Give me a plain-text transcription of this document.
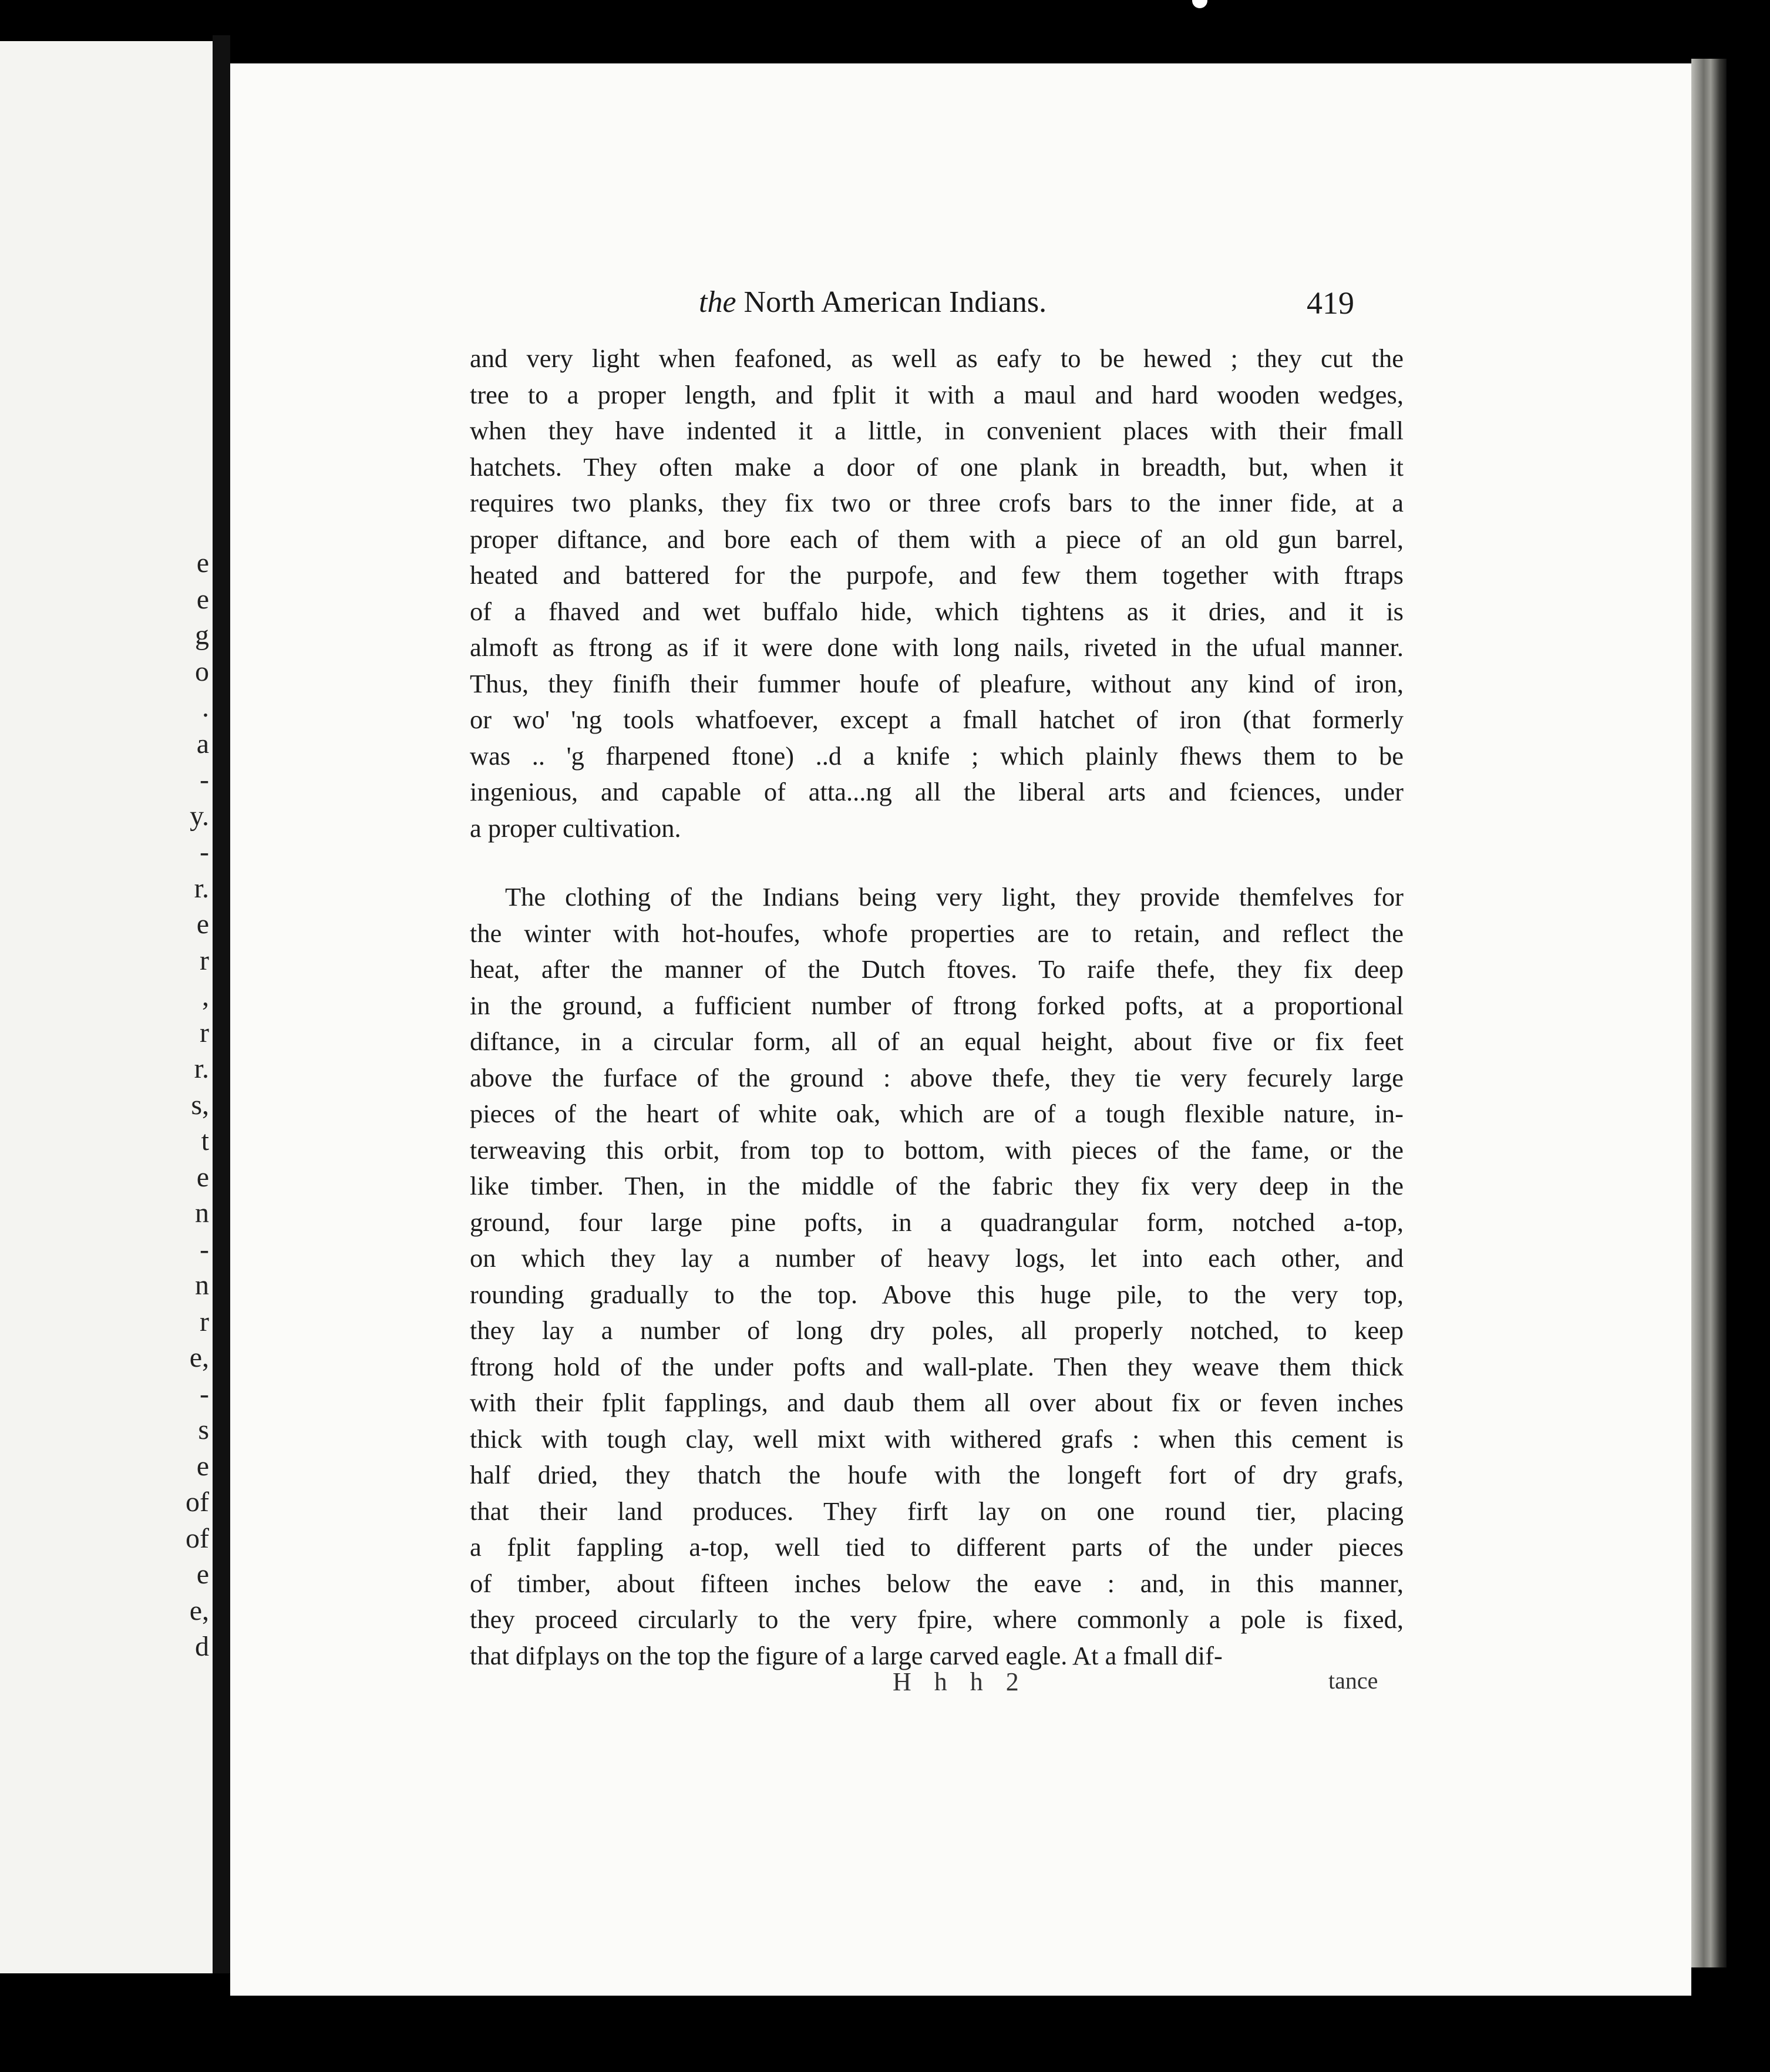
e
e
g
o
.
a
-
y.
-
r.
e
r
,
r
r.
s,
t
e
n
-
n
r
e,
-
s
e
of
of
e
e,
d
the North American Indians.	419
and very light when feafoned, as well as eafy to be hewed ; they cut the
tree to a proper length, and fplit it with a maul and hard wooden wedges,
when they have indented it a little, in convenient places with their fmall
hatchets. They often make a door of one plank in breadth, but, when it
requires two planks, they fix two or three crofs bars to the inner fide, at a
proper diftance, and bore each of them with a piece of an old gun barrel,
heated and battered for the purpofe, and few them together with ftraps
of a fhaved and wet buffalo hide, which tightens as it dries, and it is
almoft as ftrong as if it were done with long nails, riveted in the ufual manner.
Thus, they finifh their fummer houfe of pleafure, without any kind of iron,
or wo' 'ng tools whatfoever, except a fmall hatchet of iron (that formerly
was .. 'g fharpened ftone) ..d a knife ; which plainly fhews them to be
ingenious, and capable of atta...ng all the liberal arts and fciences, under
a proper cultivation.
The clothing of the Indians being very light, they provide themfelves for
the winter with hot-houfes, whofe properties are to retain, and reflect the
heat, after the manner of the Dutch ftoves. To raife thefe, they fix deep
in the ground, a fufficient number of ftrong forked pofts, at a proportional
diftance, in a circular form, all of an equal height, about five or fix feet
above the furface of the ground : above thefe, they tie very fecurely large
pieces of the heart of white oak, which are of a tough flexible nature, in-
terweaving this orbit, from top to bottom, with pieces of the fame, or the
like timber. Then, in the middle of the fabric they fix very deep in the
ground, four large pine pofts, in a quadrangular form, notched a-top,
on which they lay a number of heavy logs, let into each other, and
rounding gradually to the top. Above this huge pile, to the very top,
they lay a number of long dry poles, all properly notched, to keep
ftrong hold of the under pofts and wall-plate. Then they weave them thick
with their fplit fapplings, and daub them all over about fix or feven inches
thick with tough clay, well mixt with withered grafs : when this cement is
half dried, they thatch the houfe with the longeft fort of dry grafs,
that their land produces. They firft lay on one round tier, placing
a fplit fappling a-top, well tied to different parts of the under pieces
of timber, about fifteen inches below the eave : and, in this manner,
they proceed circularly to the very fpire, where commonly a pole is fixed,
that difplays on the top the figure of a large carved eagle. At a fmall dif-
H h h 2	tance
